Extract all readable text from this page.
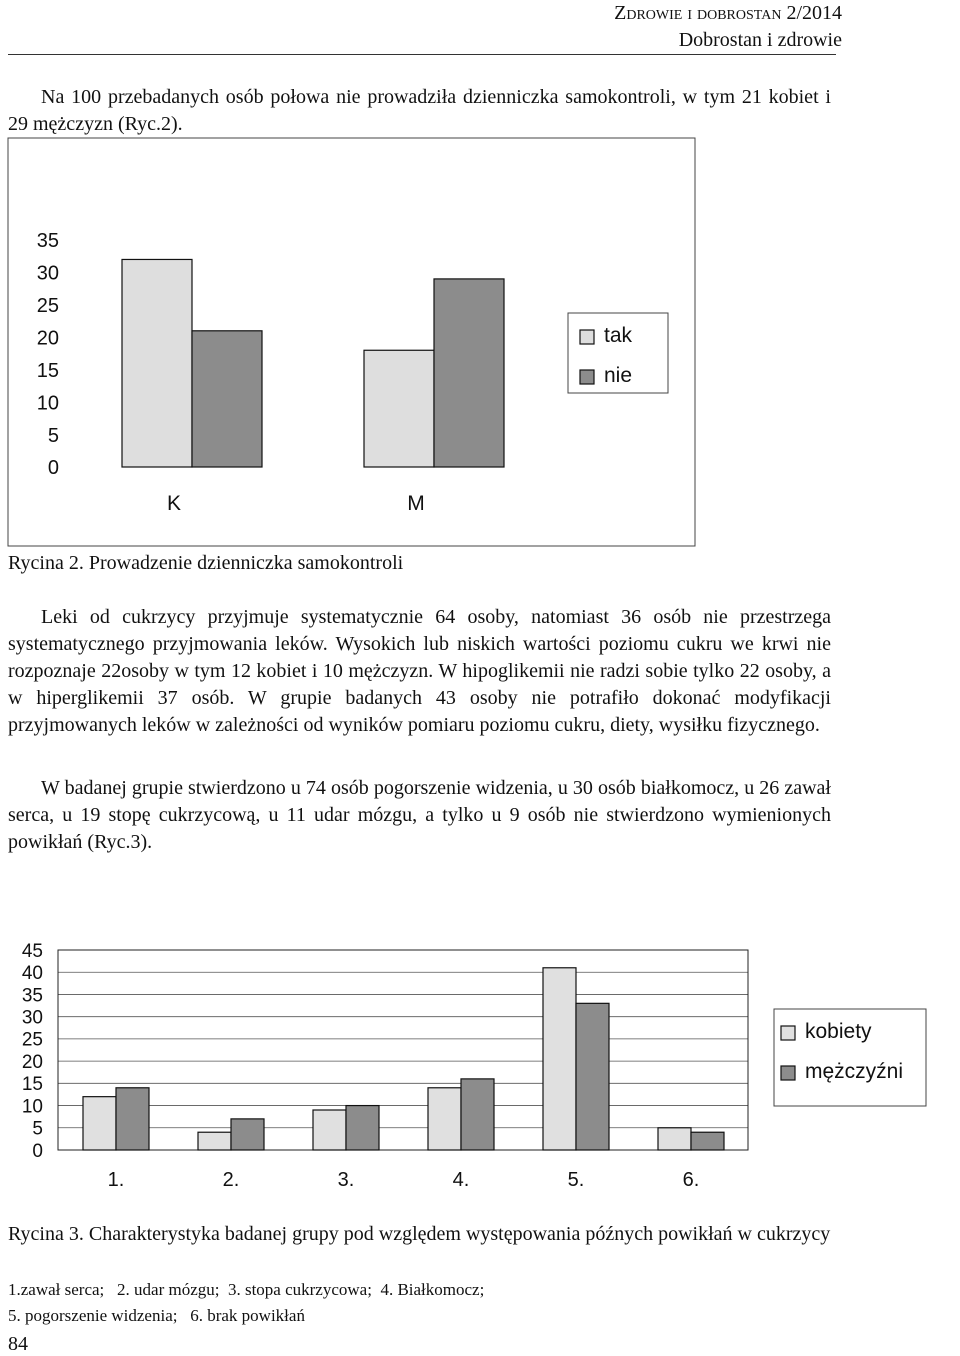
Zdrowie i dobrostan 2/2014
Dobrostan i zdrowie
Na 100 przebadanych osób połowa nie prowadziła dzienniczka samokontroli, w tym 21 kobiet i 29 mężczyzn (Ryc.2).
35
30
25
20
15
10
5
0
K	M
tak
nie
45
40
35
30
25
20
15
10
5
0
1.	2.	3.	4.	5.	6.
kobiety
mężczyźni
Rycina 2. Prowadzenie dzienniczka samokontroli
Leki od cukrzycy przyjmuje systematycznie 64 osoby, natomiast 36 osób nie przestrzega systematycznego przyjmowania leków. Wysokich lub niskich wartości poziomu cukru we krwi nie rozpoznaje 22osoby w tym 12 kobiet i 10 mężczyzn. W hipoglikemii nie radzi sobie tylko 22 osoby, a w hiperglikemii 37 osób. W grupie badanych 43 osoby nie potrafiło dokonać modyfikacji przyjmowanych leków w zależności od wyników pomiaru poziomu cukru, diety, wysiłku fizycznego.
W badanej grupie stwierdzono u 74 osób pogorszenie widzenia, u 30 osób białkomocz, u 26 zawał serca, u 19 stopę cukrzycową, u 11 udar mózgu, a tylko u 9 osób nie stwierdzono wymienionych powikłań (Ryc.3).
Rycina 3. Charakterystyka badanej grupy pod względem występowania późnych powikłań w cukrzycy
1.zawał serca;   2. udar mózgu;  3. stopa cukrzycowa;  4. Białkomocz;
5. pogorszenie widzenia;   6. brak powikłań
84
